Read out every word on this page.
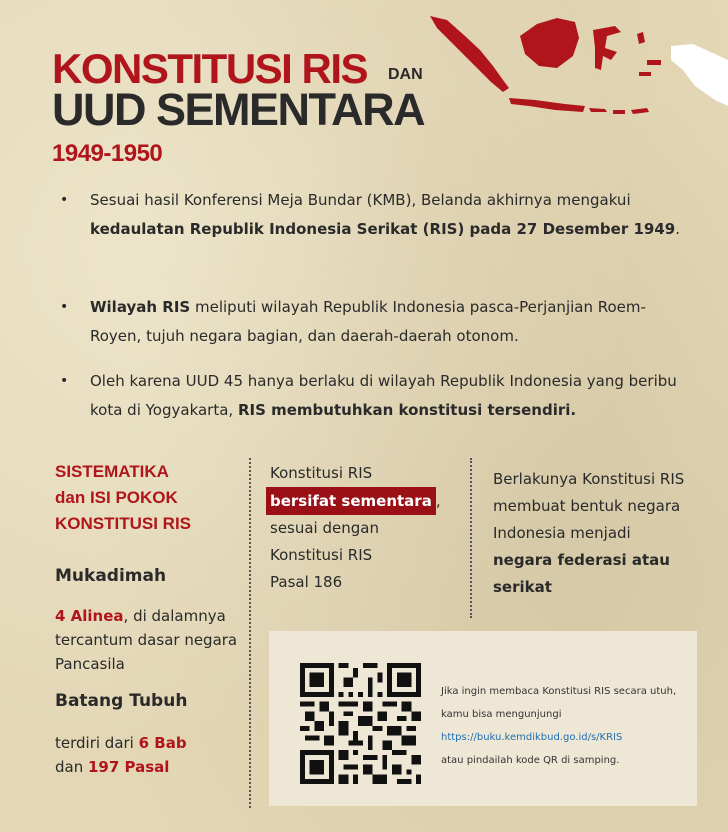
KONSTITUSI RIS DAN
UUD SEMENTARA
1949-1950
•	Sesuai hasil Konferensi Meja Bundar (KMB), Belanda akhirnya mengakui kedaulatan Republik Indonesia Serikat (RIS) pada 27 Desember 1949.
•	Wilayah RIS meliputi wilayah Republik Indonesia pasca-Perjanjian Roem-Royen, tujuh negara bagian, dan daerah-daerah otonom.
•	Oleh karena UUD 45 hanya berlaku di wilayah Republik Indonesia yang beribu kota di Yogyakarta, RIS membutuhkan konstitusi tersendiri.
SISTEMATIKA
dan ISI POKOK
KONSTITUSI RIS
Mukadimah
4 Alinea, di dalamnya tercantum dasar negara Pancasila
Batang Tubuh
terdiri dari 6 Bab
dan 197 Pasal
Konstitusi RIS
bersifat sementara ,
sesuai dengan Konstitusi RIS Pasal 186
Berlakunya Konstitusi RIS membuat bentuk negara Indonesia menjadi negara federasi atau serikat
Jika ingin membaca Konstitusi RIS secara utuh, kamu bisa mengunjungi
https://buku.kemdikbud.go.id/s/KRIS
atau pindailah kode QR di samping.
